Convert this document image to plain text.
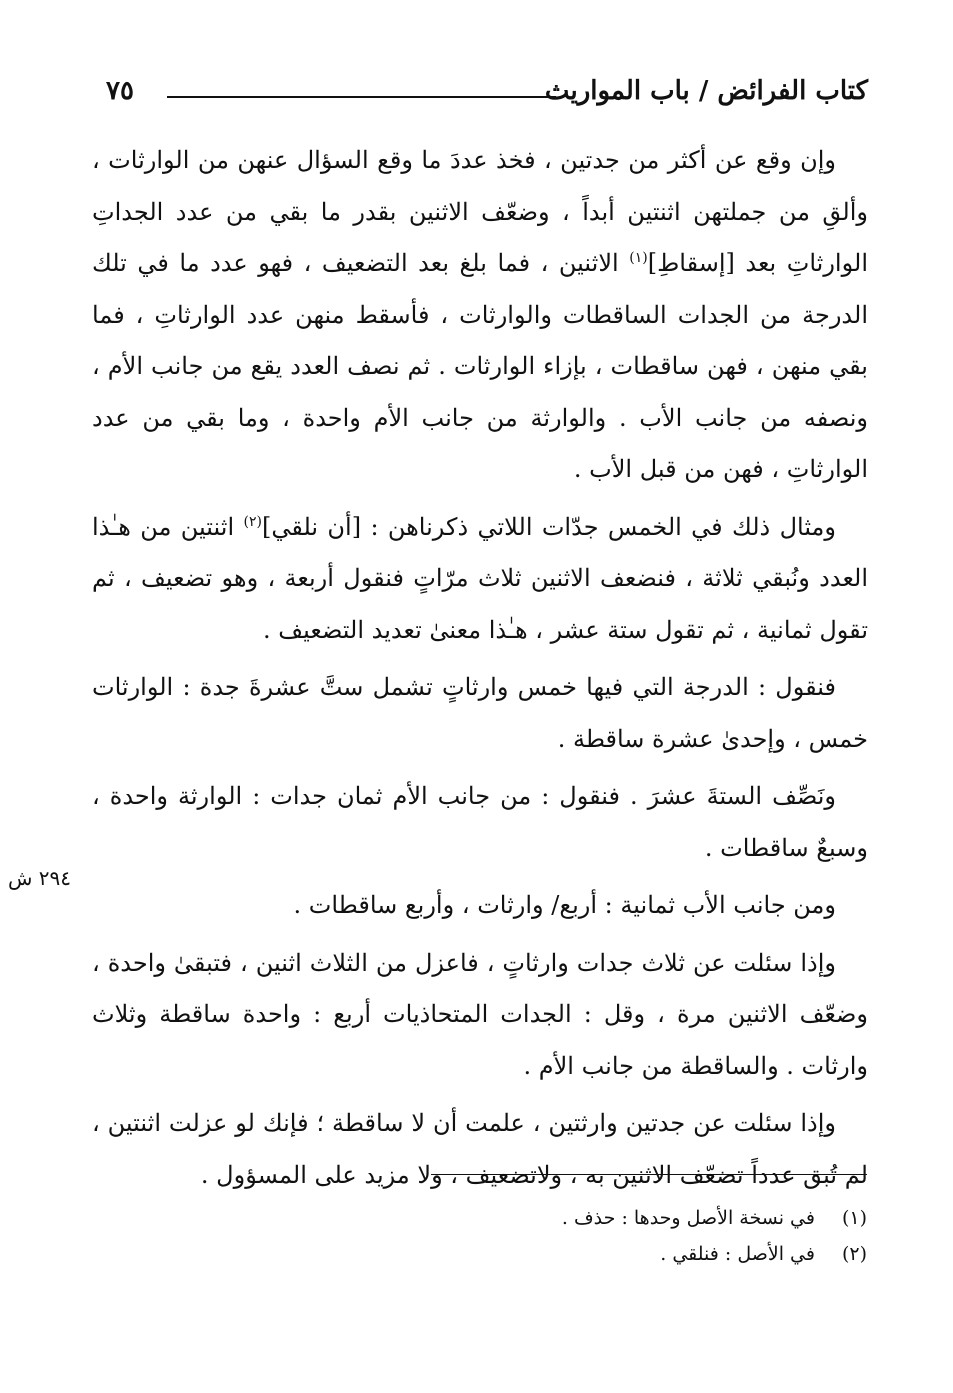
كتاب الفرائض / باب المواريث
٧٥
٢٩٤ ش

وإن وقع عن أكثر من جدتين ، فخذ عددَ ما وقع السؤال عنهن من الوارثات ، وألقِ من جملتهن اثنتين أبداً ، وضعّف الاثنين بقدر ما بقي من عدد الجداتِ الوارثاتِ بعد [إسقاطِ]$^{(١)}$ الاثنين ، فما بلغ بعد التضعيف ، فهو عدد ما في تلك الدرجة من الجدات الساقطات والوارثات ، فأسقط منهن عدد الوارثاتِ ، فما بقي منهن ، فهن ساقطات ، بإزاء الوارثات . ثم نصف العدد يقع من جانب الأم ، ونصفه من جانب الأب . والوارثة من جانب الأم واحدة ، وما بقي من عدد الوارثاتِ ، فهن من قبل الأب .

ومثال ذلك في الخمس جدّات اللاتي ذكرناهن : [أن نلقي]$^{(٢)}$ اثنتين من هـٰذا العدد ونُبقي ثلاثة ، فنضعف الاثنين ثلاث مرّاتٍ فنقول أربعة ، وهو تضعيف ، ثم تقول ثمانية ، ثم تقول ستة عشر ، هـٰذا معنىٰ تعديد التضعيف .

فنقول : الدرجة التي فيها خمس وارثاتٍ تشمل ستَّ عشرةَ جدة : الوارثات خمس ، وإحدىٰ عشرة ساقطة .

ونَصِّف الستةَ عشرَ . فنقول : من جانب الأم ثمان جدات : الوارثة واحدة ، وسبعٌ ساقطات .

ومن جانب الأب ثمانية : أربع/ وارثات ، وأربع ساقطات .

وإذا سئلت عن ثلاث جدات وارثاتٍ ، فاعزل من الثلاث اثنين ، فتبقىٰ واحدة ، وضعّف الاثنين مرة ، وقل : الجدات المتحاذيات أربع : واحدة ساقطة وثلاث وارثات . والساقطة من جانب الأم .

وإذا سئلت عن جدتين وارثتين ، علمت أن لا ساقطة ؛ فإنك لو عزلت اثنتين ، لم تُبق عدداً تضعّف الاثنين به ، ولاتضعيف ، ولا مزيد على المسؤول .

(١) في نسخة الأصل وحدها : حذف .
(٢) في الأصل : فنلقي .
